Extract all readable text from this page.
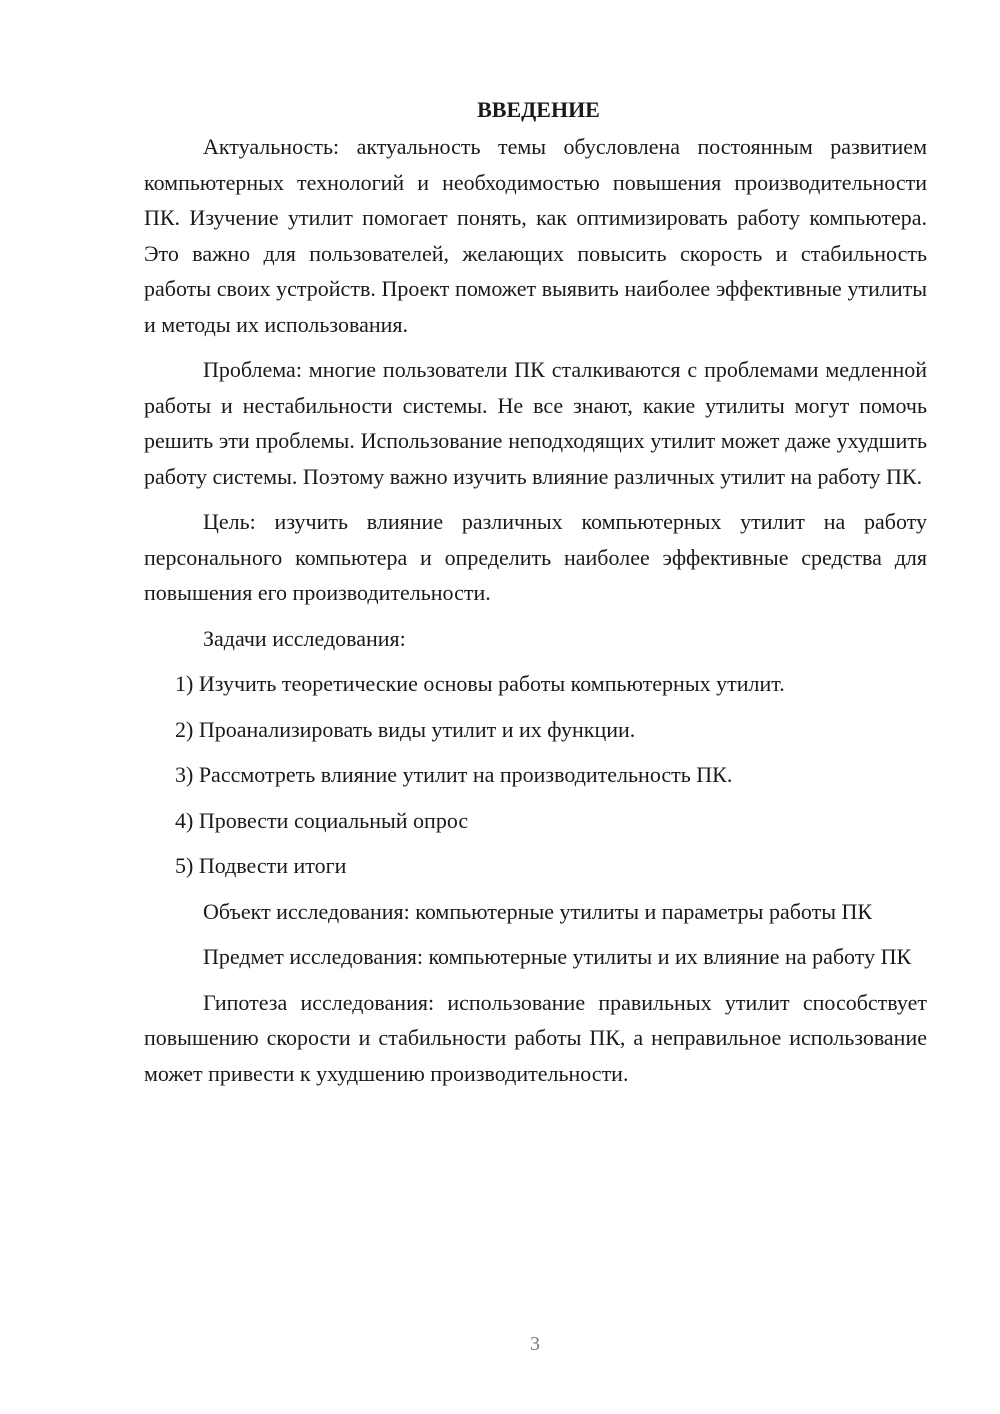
ВВЕДЕНИЕ

Актуальность: актуальность темы обусловлена постоянным развитием компьютерных технологий и необходимостью повышения производительности ПК. Изучение утилит помогает понять, как оптимизировать работу компьютера. Это важно для пользователей, желающих повысить скорость и стабильность работы своих устройств. Проект поможет выявить наиболее эффективные утилиты и методы их использования.

Проблема: многие пользователи ПК сталкиваются с проблемами медленной работы и нестабильности системы. Не все знают, какие утилиты могут помочь решить эти проблемы. Использование неподходящих утилит может даже ухудшить работу системы. Поэтому важно изучить влияние различных утилит на работу ПК.

Цель: изучить влияние различных компьютерных утилит на работу персонального компьютера и определить наиболее эффективные средства для повышения его производительности.

Задачи исследования:

1) Изучить теоретические основы работы компьютерных утилит.
2) Проанализировать виды утилит и их функции.
3) Рассмотреть влияние утилит на производительность ПК.
4) Провести социальный опрос
5) Подвести итоги

Объект исследования: компьютерные утилиты и параметры работы ПК

Предмет исследования: компьютерные утилиты и их влияние на работу ПК

Гипотеза исследования: использование правильных утилит способствует повышению скорости и стабильности работы ПК, а неправильное использование может привести к ухудшению производительности.

3
